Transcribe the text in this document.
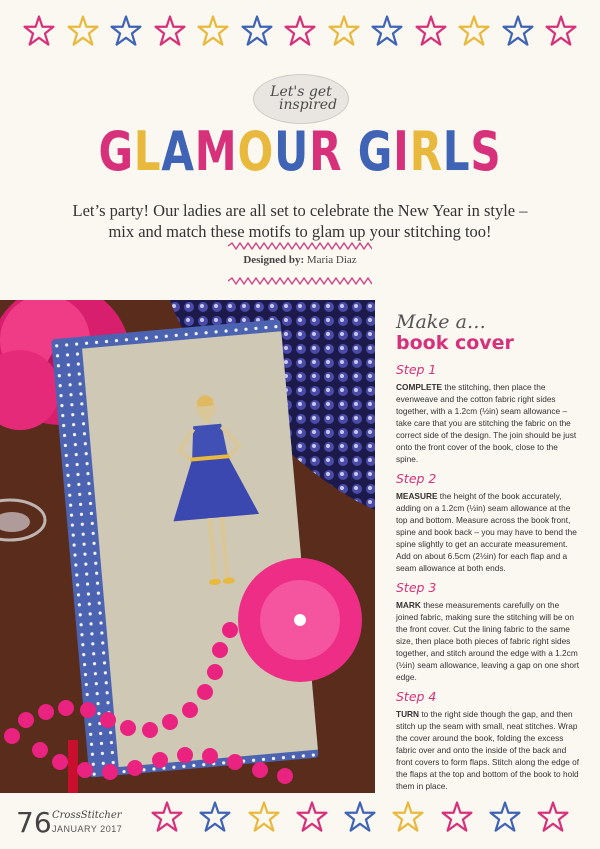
Let's get
inspired
GLAMOUR GIRLS
Let’s party! Our ladies are all set to celebrate the New Year in style – mix and match these motifs to glam up your stitching too!
Designed by: Maria Diaz
Make a…
book cover
Step 1
COMPLETE the stitching, then place the evenweave and the cotton fabric right sides together, with a 1.2cm (½in) seam allowance – take care that you are stitching the fabric on the correct side of the design. The join should be just onto the front cover of the book, close to the spine.
Step 2
MEASURE the height of the book accurately, adding on a 1.2cm (½in) seam allowance at the top and bottom. Measure across the book front, spine and book back – you may have to bend the spine slightly to get an accurate measurement. Add on about 6.5cm (2½in) for each flap and a seam allowance at both ends.
Step 3
MARK these measurements carefully on the joined fabric, making sure the stitching will be on the front cover. Cut the lining fabric to the same size, then place both pieces of fabric right sides together, and stitch around the edge with a 1.2cm (½in) seam allowance, leaving a gap on one short edge.
Step 4
TURN to the right side though the gap, and then stitch up the seam with small, neat stitches. Wrap the cover around the book, folding the excess fabric over and onto the inside of the back and front covers to form flaps. Stitch along the edge of the flaps at the top and bottom of the book to hold them in place.
76 CrossStitcher
JANUARY 2017
